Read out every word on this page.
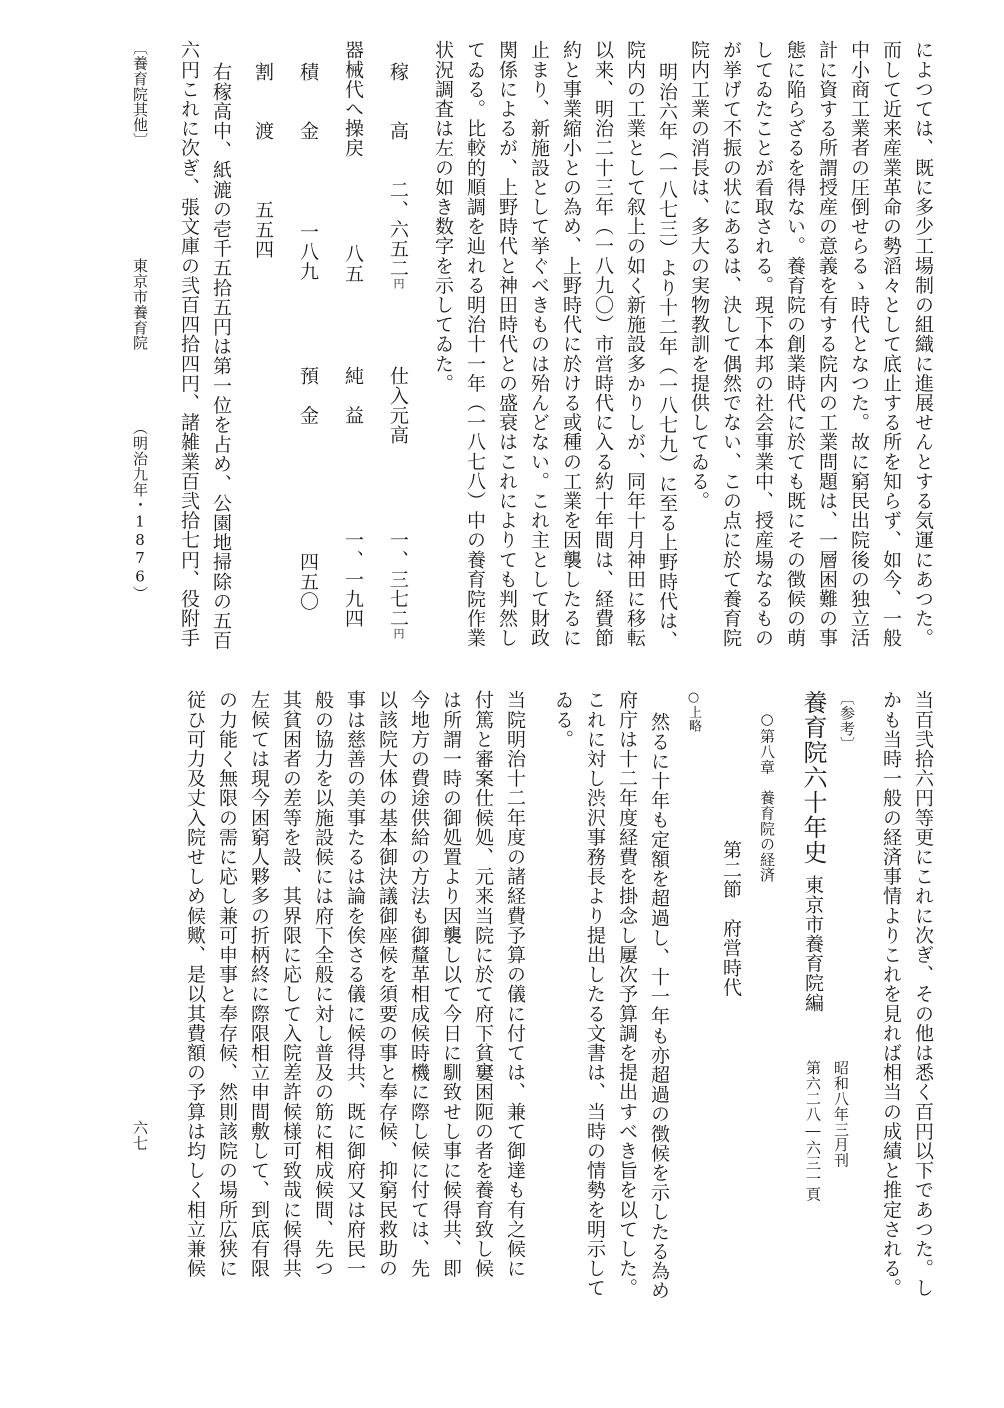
によつては、既に多少工場制の組織に進展せんとする気運にあつた。

而して近来産業革命の勢滔々として底止する所を知らず、如今、一般

中小商工業者の圧倒せらるゝ時代となつた。故に窮民出院後の独立活

計に資する所謂授産の意義を有する院内の工業問題は、一層困難の事

態に陥らざるを得ない。養育院の創業時代に於ても既にその徴候の萌

してゐたことが看取される。現下本邦の社会事業中、授産場なるもの

が挙げて不振の状にあるは、決して偶然でない、この点に於て養育院

院内工業の消長は、多大の実物教訓を提供してゐる。

明治六年（一八七三）より十二年（一八七九）に至る上野時代は、

院内の工業として叙上の如く新施設多かりしが、同年十月神田に移転

以来、明治二十三年（一八九〇）市営時代に入る約十年間は、経費節

約と事業縮小との為め、上野時代に於ける或種の工業を因襲したるに

止まり、新施設として挙ぐべきものは殆んどない。これ主として財政

関係によるが、上野時代と神田時代との盛衰はこれによりても判然し

てゐる。比較的順調を辿れる明治十一年（一八七八）中の養育院作業

状況調査は左の如き数字を示してゐた。

稼　　高

二、六五二円

仕入元高

一、三七二円

器械代へ操戻

八五

純　益

一、一九四

積　　金

一八九

預　金

四五〇

割　　渡

五五四

右稼高中、紙漉の壱千五拾五円は第一位を占め、公園地掃除の五百

六円これに次ぎ、張文庫の弐百四拾四円、諸雑業百弐拾七円、役附手

〔養育院其他〕

東京市養育院

（明治九年・1876）

当百弐拾六円等更にこれに次ぎ、その他は悉く百円以下であつた。し

かも当時一般の経済事情よりこれを見れば相当の成績と推定される。

〔参考〕

養育院六十年史

東京市養育院編

第六二八―六三一頁 昭和八年三月刊

○第八章　養育院の経済

第二節　府営時代

○上略

然るに十年も定額を超過し、十一年も亦超過の徴候を示したる為め

府庁は十二年度経費を掛念し屢次予算調を提出すべき旨を以てした。

これに対し渋沢事務長より提出したる文書は、当時の情勢を明示して

ゐる。

当院明治十二年度の諸経費予算の儀に付ては、兼て御達も有之候に

付篤と審案仕候処、元来当院に於て府下貧窶困阨の者を養育致し候

は所謂一時の御処置より因襲し以て今日に馴致せし事に候得共、即

今地方の費途供給の方法も御釐革相成候時機に際し候に付ては、先

以該院大体の基本御決議御座候を須要の事と奉存候、抑窮民救助の

事は慈善の美事たるは論を俟さる儀に候得共、既に御府又は府民一

般の協力を以施設候には府下全般に対し普及の筋に相成候間、先つ

其貧困者の差等を設、其界限に応して入院差許候様可致哉に候得共

左候ては現今困窮人夥多の折柄終に際限相立申間敷して、到底有限

の力能く無限の需に応し兼可申事と奉存候、然則該院の場所広狭に

従ひ可力及丈入院せしめ候歟、是以其費額の予算は均しく相立兼候

六七
